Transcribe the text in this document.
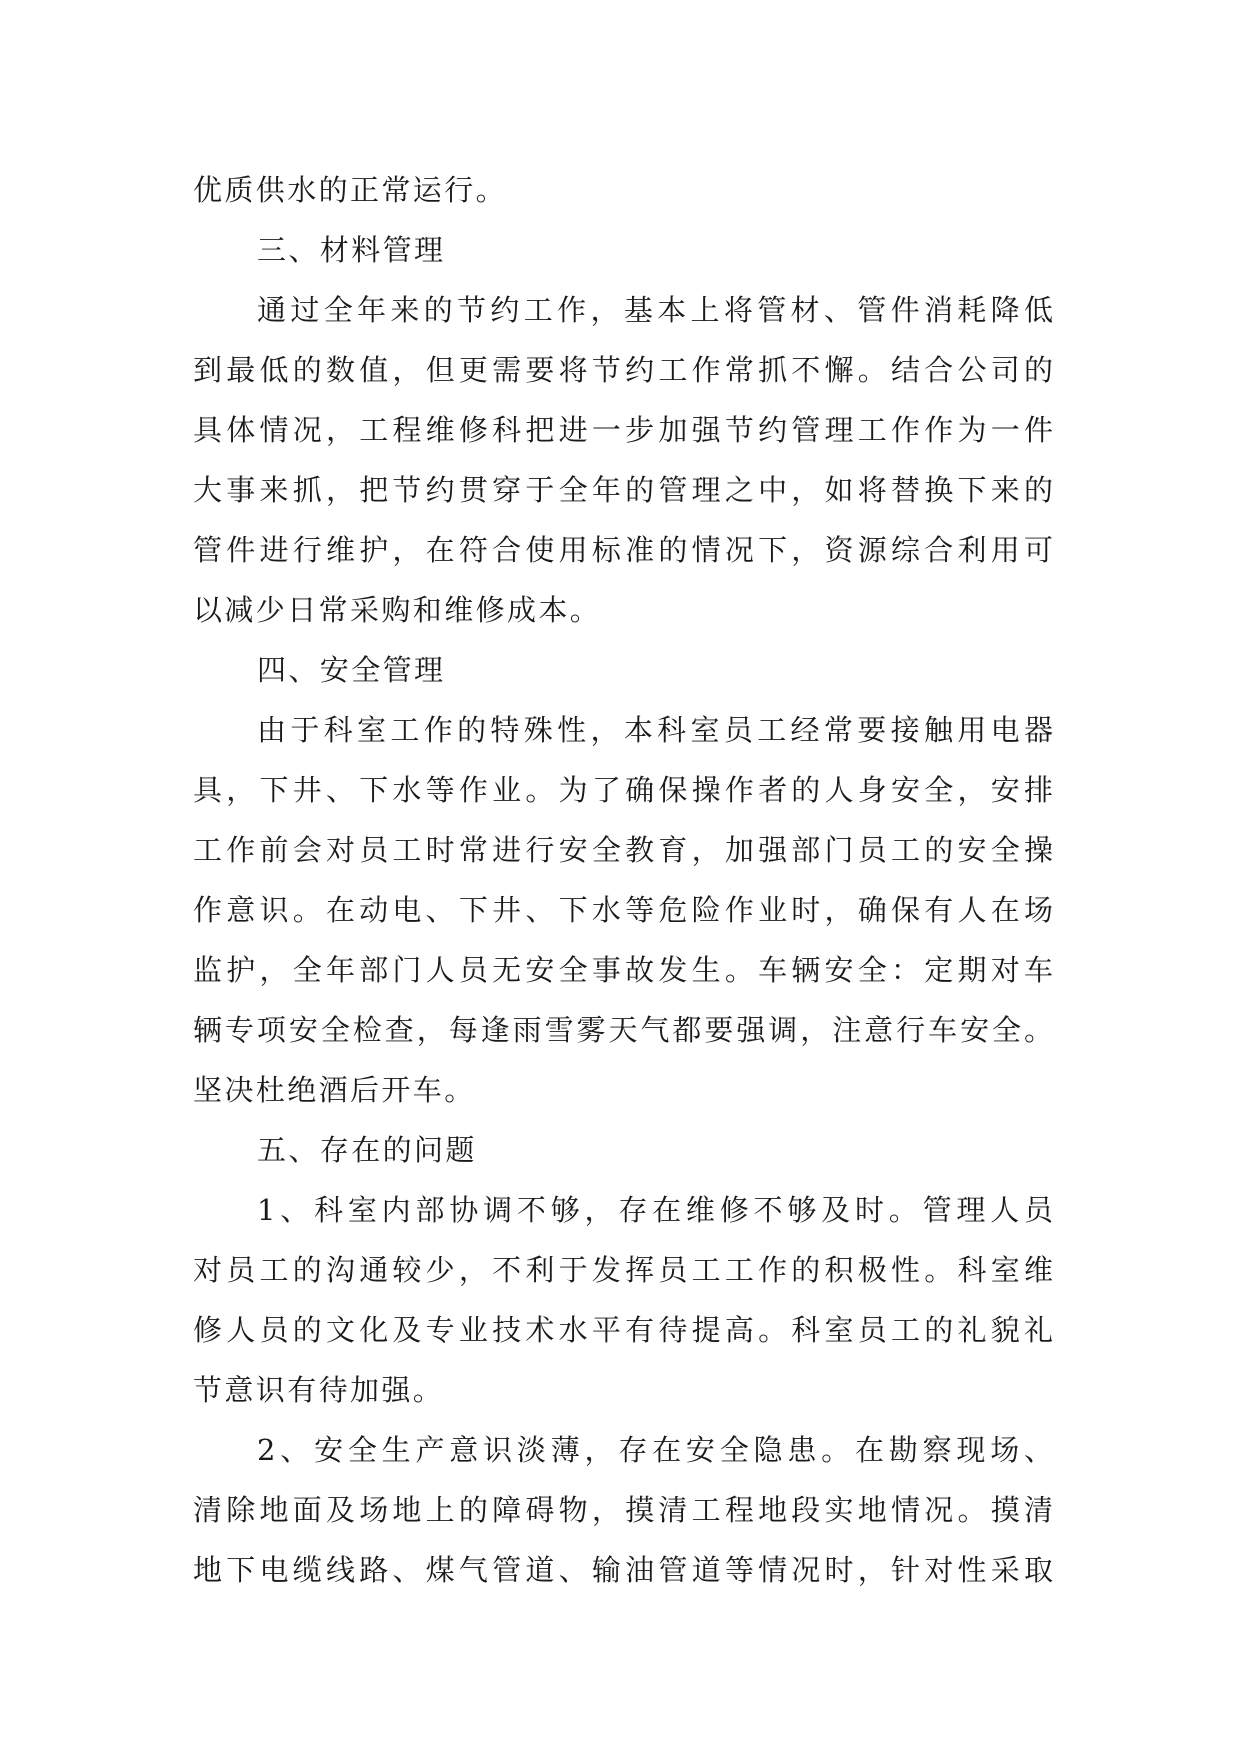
优质供水的正常运行。
三、材料管理
通过全年来的节约工作，基本上将管材、管件消耗降低
到最低的数值，但更需要将节约工作常抓不懈。结合公司的
具体情况，工程维修科把进一步加强节约管理工作作为一件
大事来抓，把节约贯穿于全年的管理之中，如将替换下来的
管件进行维护，在符合使用标准的情况下，资源综合利用可
以减少日常采购和维修成本。
四、安全管理
由于科室工作的特殊性，本科室员工经常要接触用电器
具，下井、下水等作业。为了确保操作者的人身安全，安排
工作前会对员工时常进行安全教育，加强部门员工的安全操
作意识。在动电、下井、下水等危险作业时，确保有人在场
监护，全年部门人员无安全事故发生。车辆安全：定期对车
辆专项安全检查，每逢雨雪雾天气都要强调，注意行车安全。
坚决杜绝酒后开车。
五、存在的问题
1、科室内部协调不够，存在维修不够及时。管理人员
对员工的沟通较少，不利于发挥员工工作的积极性。科室维
修人员的文化及专业技术水平有待提高。科室员工的礼貌礼
节意识有待加强。
2、安全生产意识淡薄，存在安全隐患。在勘察现场、
清除地面及场地上的障碍物，摸清工程地段实地情况。摸清
地下电缆线路、煤气管道、输油管道等情况时，针对性采取
